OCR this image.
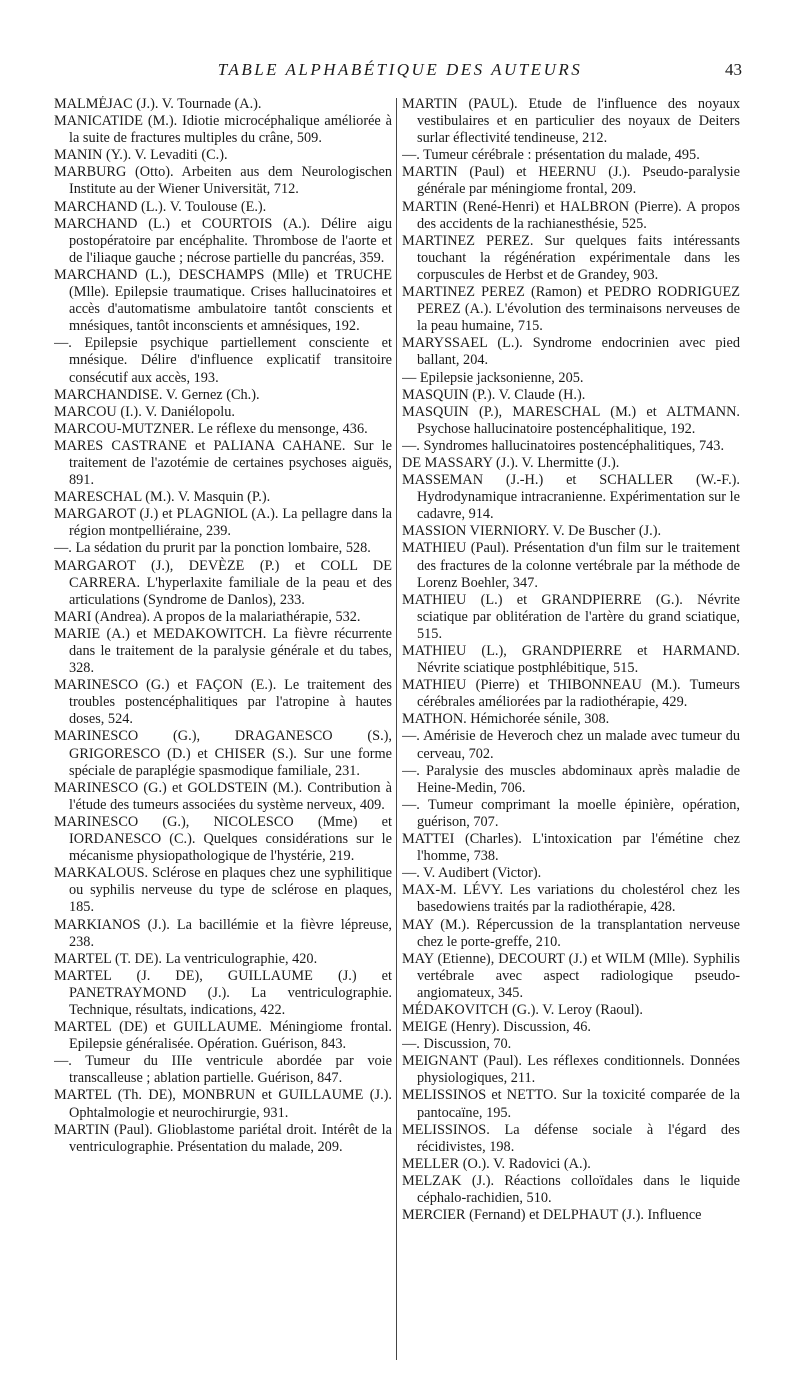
TABLE ALPHABÉTIQUE DES AUTEURS	43

MALMÉJAC (J.). V. Tournade (A.).

MANICATIDE (M.). Idiotie microcéphalique améliorée à la suite de fractures multiples du crâne, 509.

MANIN (Y.). V. Levaditi (C.).

MARBURG (Otto). Arbeiten aus dem Neurologischen Institute au der Wiener Universität, 712.

MARCHAND (L.). V. Toulouse (E.).

MARCHAND (L.) et COURTOIS (A.). Délire aigu postopératoire par encéphalite. Thrombose de l'aorte et de l'iliaque gauche ; nécrose partielle du pancréas, 359.

MARCHAND (L.), DESCHAMPS (Mlle) et TRUCHE (Mlle). Epilepsie traumatique. Crises hallucinatoires et accès d'automatisme ambulatoire tantôt conscients et mnésiques, tantôt inconscients et amnésiques, 192.

—. Epilepsie psychique partiellement consciente et mnésique. Délire d'influence explicatif transitoire consécutif aux accès, 193.

MARCHANDISE. V. Gernez (Ch.).

MARCOU (I.). V. Daniélopolu.

MARCOU-MUTZNER. Le réflexe du mensonge, 436.

MARES CASTRANE et PALIANA CAHANE. Sur le traitement de l'azotémie de certaines psychoses aiguës, 891.

MARESCHAL (M.). V. Masquin (P.).

MARGAROT (J.) et PLAGNIOL (A.). La pellagre dans la région montpelliéraine, 239.

—. La sédation du prurit par la ponction lombaire, 528.

MARGAROT (J.), DEVÈZE (P.) et COLL DE CARRERA. L'hyperlaxite familiale de la peau et des articulations (Syndrome de Danlos), 233.

MARI (Andrea). A propos de la malariathérapie, 532.

MARIE (A.) et MEDAKOWITCH. La fièvre récurrente dans le traitement de la paralysie générale et du tabes, 328.

MARINESCO (G.) et FAÇON (E.). Le traitement des troubles postencéphalitiques par l'atropine à hautes doses, 524.

MARINESCO (G.), DRAGANESCO (S.), GRIGORESCO (D.) et CHISER (S.). Sur une forme spéciale de paraplégie spasmodique familiale, 231.

MARINESCO (G.) et GOLDSTEIN (M.). Contribution à l'étude des tumeurs associées du système nerveux, 409.

MARINESCO (G.), NICOLESCO (Mme) et IORDANESCO (C.). Quelques considérations sur le mécanisme physiopathologique de l'hystérie, 219.

MARKALOUS. Sclérose en plaques chez une syphilitique ou syphilis nerveuse du type de sclérose en plaques, 185.

MARKIANOS (J.). La bacillémie et la fièvre lépreuse, 238.

MARTEL (T. DE). La ventriculographie, 420.

MARTEL (J. DE), GUILLAUME (J.) et PANETRAYMOND (J.). La ventriculographie. Technique, résultats, indications, 422.

MARTEL (DE) et GUILLAUME. Méningiome frontal. Epilepsie généralisée. Opération. Guérison, 843.

—. Tumeur du IIIe ventricule abordée par voie transcalleuse ; ablation partielle. Guérison, 847.

MARTEL (Th. DE), MONBRUN et GUILLAUME (J.). Ophtalmologie et neurochirurgie, 931.

MARTIN (Paul). Glioblastome pariétal droit. Intérêt de la ventriculographie. Présentation du malade, 209.

MARTIN (PAUL). Etude de l'influence des noyaux vestibulaires et en particulier des noyaux de Deiters surlar éflectivité tendineuse, 212.

—. Tumeur cérébrale : présentation du malade, 495.

MARTIN (Paul) et HEERNU (J.). Pseudo-paralysie générale par méningiome frontal, 209.

MARTIN (René-Henri) et HALBRON (Pierre). A propos des accidents de la rachianesthésie, 525.

MARTINEZ PEREZ. Sur quelques faits intéressants touchant la régénération expérimentale dans les corpuscules de Herbst et de Grandey, 903.

MARTINEZ PEREZ (Ramon) et PEDRO RODRIGUEZ PEREZ (A.). L'évolution des terminaisons nerveuses de la peau humaine, 715.

MARYSSAEL (L.). Syndrome endocrinien avec pied ballant, 204.

— Epilepsie jacksonienne, 205.

MASQUIN (P.). V. Claude (H.).

MASQUIN (P.), MARESCHAL (M.) et ALTMANN. Psychose hallucinatoire postencéphalitique, 192.

—. Syndromes hallucinatoires postencéphalitiques, 743.

DE MASSARY (J.). V. Lhermitte (J.).

MASSEMAN (J.-H.) et SCHALLER (W.-F.). Hydrodynamique intracranienne. Expérimentation sur le cadavre, 914.

MASSION VIERNIORY. V. De Buscher (J.).

MATHIEU (Paul). Présentation d'un film sur le traitement des fractures de la colonne vertébrale par la méthode de Lorenz Boehler, 347.

MATHIEU (L.) et GRANDPIERRE (G.). Névrite sciatique par oblitération de l'artère du grand sciatique, 515.

MATHIEU (L.), GRANDPIERRE et HARMAND. Névrite sciatique postphlébitique, 515.

MATHIEU (Pierre) et THIBONNEAU (M.). Tumeurs cérébrales améliorées par la radiothérapie, 429.

MATHON. Hémichorée sénile, 308.

—. Amérisie de Heveroch chez un malade avec tumeur du cerveau, 702.

—. Paralysie des muscles abdominaux après maladie de Heine-Medin, 706.

—. Tumeur comprimant la moelle épinière, opération, guérison, 707.

MATTEI (Charles). L'intoxication par l'émétine chez l'homme, 738.

—. V. Audibert (Victor).

MAX-M. LÉVY. Les variations du cholestérol chez les basedowiens traités par la radiothérapie, 428.

MAY (M.). Répercussion de la transplantation nerveuse chez le porte-greffe, 210.

MAY (Etienne), DECOURT (J.) et WILM (Mlle). Syphilis vertébrale avec aspect radiologique pseudo-angiomateux, 345.

MÉDAKOVITCH (G.). V. Leroy (Raoul).

MEIGE (Henry). Discussion, 46.

—. Discussion, 70.

MEIGNANT (Paul). Les réflexes conditionnels. Données physiologiques, 211.

MELISSINOS et NETTO. Sur la toxicité comparée de la pantocaïne, 195.

MELISSINOS. La défense sociale à l'égard des récidivistes, 198.

MELLER (O.). V. Radovici (A.).

MELZAK (J.). Réactions colloïdales dans le liquide céphalo-rachidien, 510.

MERCIER (Fernand) et DELPHAUT (J.). Influence
